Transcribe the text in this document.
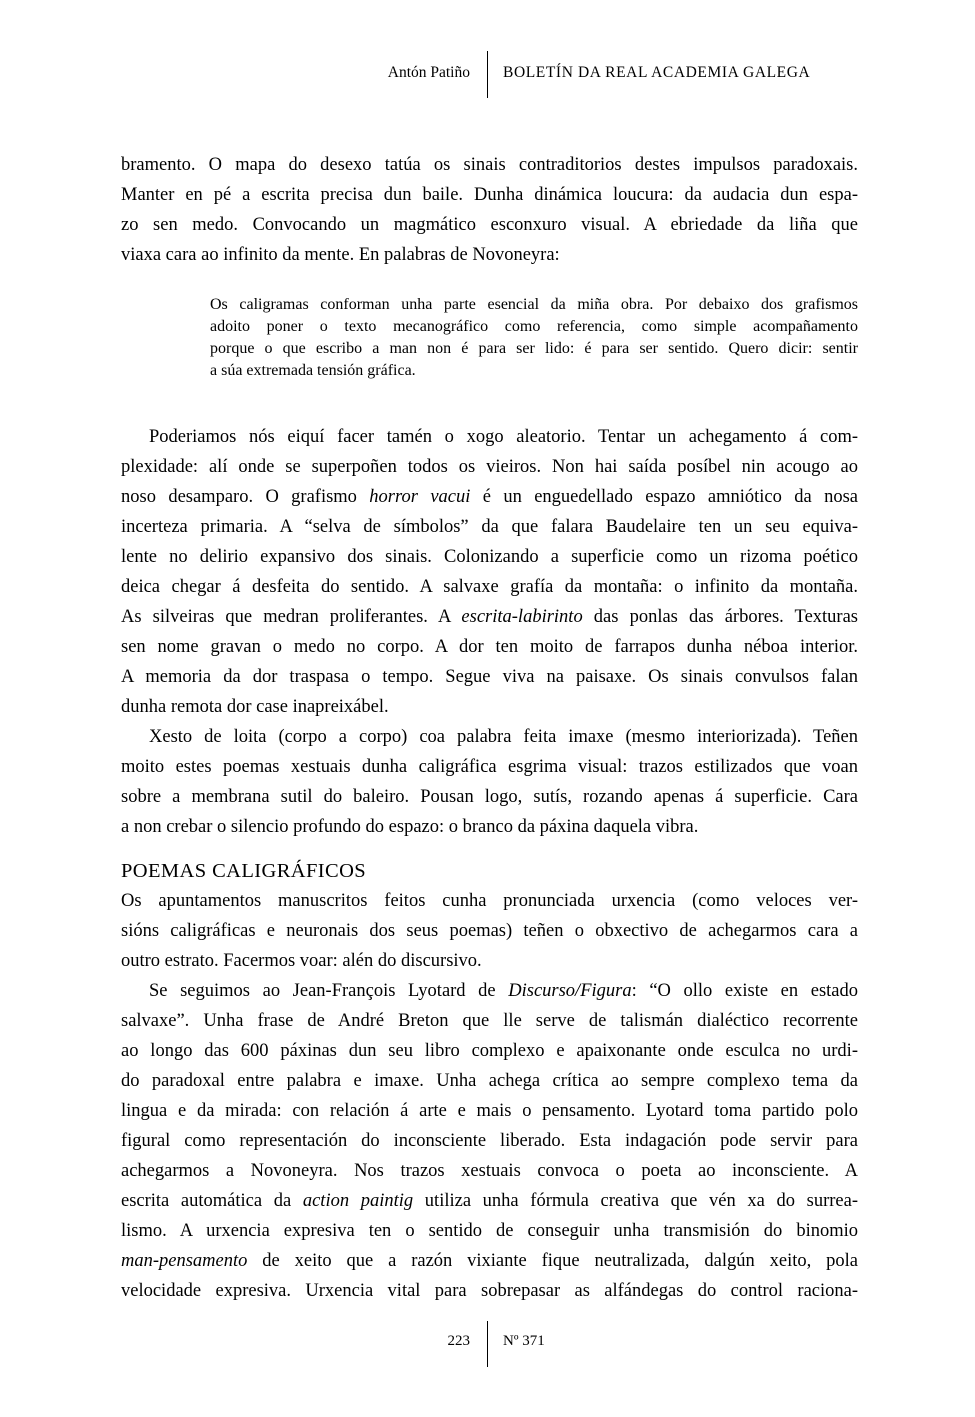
Antón Patiño BOLETÍN DA REAL ACADEMIA GALEGA
bramento. O mapa do desexo tatúa os sinais contraditorios destes impulsos paradoxais.
Manter en pé a escrita precisa dun baile. Dunha dinámica loucura: da audacia dun espa-
zo sen medo. Convocando un magmático esconxuro visual. A ebriedade da liña que
viaxa cara ao infinito da mente. En palabras de Novoneyra:
Os caligramas conforman unha parte esencial da miña obra. Por debaixo dos grafismos
adoito poner o texto mecanográfico como referencia, como simple acompañamento
porque o que escribo a man non é para ser lido: é para ser sentido. Quero dicir: sentir
a súa extremada tensión gráfica.
Poderiamos nós eiquí facer tamén o xogo aleatorio. Tentar un achegamento á com-
plexidade: alí onde se superpoñen todos os vieiros. Non hai saída posíbel nin acougo ao
noso desamparo. O grafismo horror vacui é un enguedellado espazo amniótico da nosa
incerteza primaria. A “selva de símbolos” da que falara Baudelaire ten un seu equiva-
lente no delirio expansivo dos sinais. Colonizando a superficie como un rizoma poético
deica chegar á desfeita do sentido. A salvaxe grafía da montaña: o infinito da montaña.
As silveiras que medran proliferantes. A escrita-labirinto das ponlas das árbores. Texturas
sen nome gravan o medo no corpo. A dor ten moito de farrapos dunha néboa interior.
A memoria da dor traspasa o tempo. Segue viva na paisaxe. Os sinais convulsos falan
dunha remota dor case inapreixábel.
Xesto de loita (corpo a corpo) coa palabra feita imaxe (mesmo interiorizada). Teñen
moito estes poemas xestuais dunha caligráfica esgrima visual: trazos estilizados que voan
sobre a membrana sutil do baleiro. Pousan logo, sutís, rozando apenas á superficie. Cara
a non crebar o silencio profundo do espazo: o branco da páxina daquela vibra.
POEMAS CALIGRÁFICOS
Os apuntamentos manuscritos feitos cunha pronunciada urxencia (como veloces ver-
sións caligráficas e neuronais dos seus poemas) teñen o obxectivo de achegarmos cara a
outro estrato. Facermos voar: alén do discursivo.
Se seguimos ao Jean-François Lyotard de Discurso/Figura: “O ollo existe en estado
salvaxe”. Unha frase de André Breton que lle serve de talismán dialéctico recorrente
ao longo das 600 páxinas dun seu libro complexo e apaixonante onde esculca no urdi-
do paradoxal entre palabra e imaxe. Unha achega crítica ao sempre complexo tema da
lingua e da mirada: con relación á arte e mais o pensamento. Lyotard toma partido polo
figural como representación do inconsciente liberado. Esta indagación pode servir para
achegarmos a Novoneyra. Nos trazos xestuais convoca o poeta ao inconsciente. A
escrita automática da action paintig utiliza unha fórmula creativa que vén xa do surrea-
lismo. A urxencia expresiva ten o sentido de conseguir unha transmisión do binomio
man-pensamento de xeito que a razón vixiante fique neutralizada, dalgún xeito, pola
velocidade expresiva. Urxencia vital para sobrepasar as alfándegas do control raciona-
223 Nº 371
